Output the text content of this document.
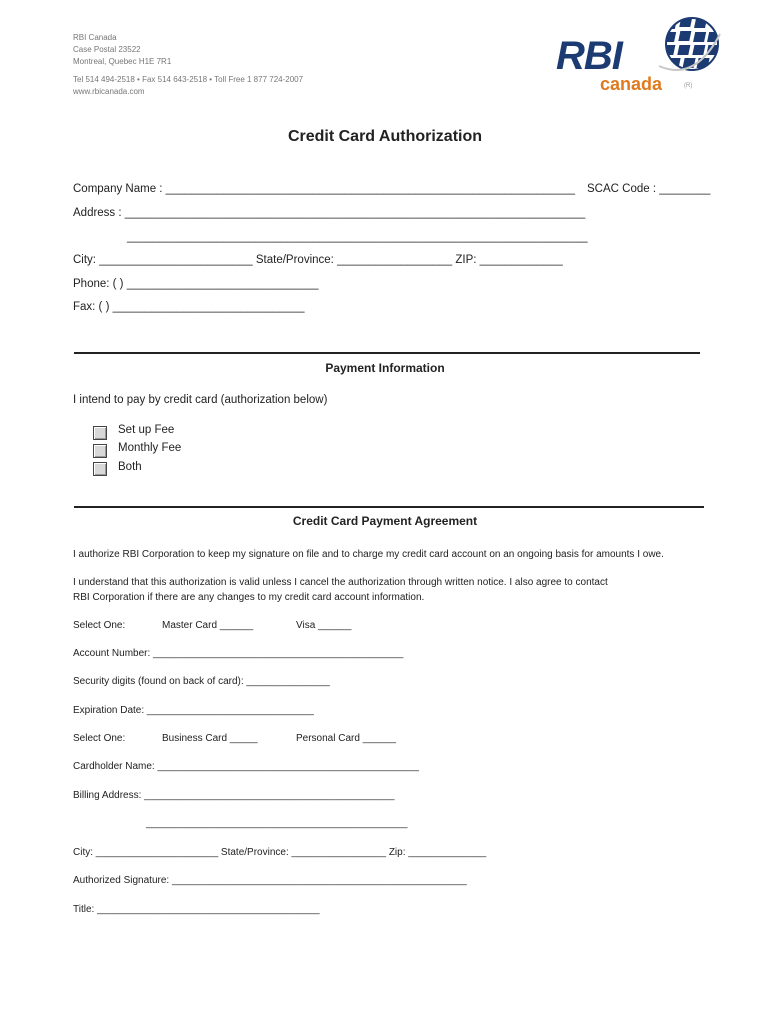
RBI Canada
Case Postal 23522
Montreal, Quebec H1E 7R1
Tel 514 494-2518 • Fax 514 643-2518 • Toll Free 1 877 724-2007
www.rbicanada.com
RBI
canada	(R)
Credit Card Authorization
Company Name : ________________________________________________________________ SCAC Code : ________
Address : ________________________________________________________________________
________________________________________________________________________
City: ________________________ State/Province: __________________ ZIP: _____________
Phone: ( ) ______________________________
Fax: ( ) ______________________________
Payment Information
I intend to pay by credit card (authorization below)
Set up Fee
Monthly Fee
Both
Credit Card Payment Agreement
I authorize RBI Corporation to keep my signature on file and to charge my credit card account on an ongoing basis for amounts I owe.
I understand that this authorization is valid unless I cancel the authorization through written notice. I also agree to contact
RBI Corporation if there are any changes to my credit card account information.
Select One:	Master Card ______	Visa ______
Account Number: _____________________________________________
Security digits (found on back of card): _______________
Expiration Date: ______________________________
Select One:	Business Card _____	Personal Card ______
Cardholder Name: _______________________________________________
Billing Address: _____________________________________________
_______________________________________________
City: ______________________ State/Province: _________________ Zip: ______________
Authorized Signature: _____________________________________________________
Title: ________________________________________
